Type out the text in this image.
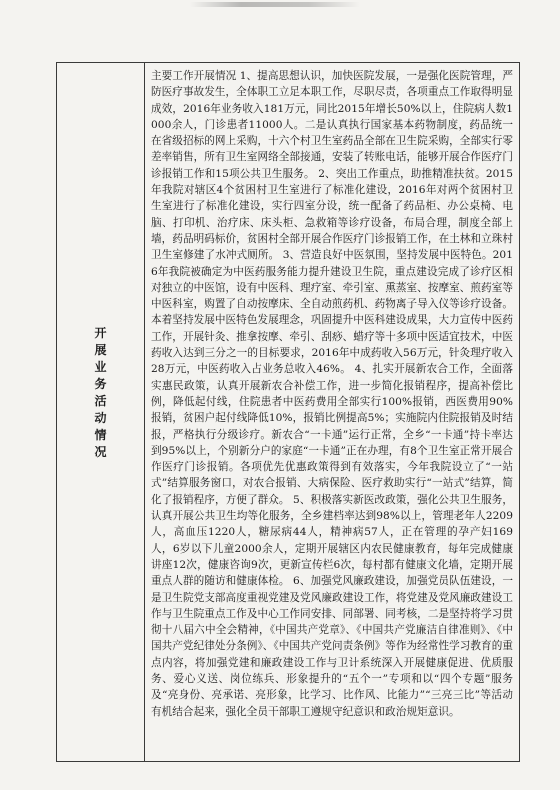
开展业务活动情况

主要工作开展情况 1、提高思想认识，加快医院发展，一是强化医院管理，严防医疗事故发生，全体职工立足本职工作，尽职尽责，各项重点工作取得明显成效，2016年业务收入181万元，同比2015年增长50%以上，住院病人数1000余人，门诊患者11000人。二是认真执行国家基本药物制度，药品统一在省级招标的网上采购，十六个村卫生室药品全部在卫生院采购，全部实行零差率销售，所有卫生室网络全部接通，安装了转账电话，能够开展合作医疗门诊报销工作和15项公共卫生服务。 2、突出工作重点，助推精准扶贫。2015年我院对辖区4个贫困村卫生室进行了标准化建设，2016年对两个贫困村卫生室进行了标准化建设，实行四室分设，统一配备了药品柜、办公桌椅、电脑、打印机、治疗床、床头柜、急救箱等诊疗设备，布局合理，制度全部上墙，药品明码标价，贫困村全部开展合作医疗门诊报销工作，在土林和立珠村卫生室修建了水冲式厕所。 3、营造良好中医氛围，坚持发展中医特色。2016年我院被确定为中医药服务能力提升建设卫生院，重点建设完成了诊疗区相对独立的中医馆，设有中医科、理疗室、牵引室、熏蒸室、按摩室、煎药室等中医科室，购置了自动按摩床、全自动煎药机、药物离子导入仪等诊疗设备。本着坚持发展中医特色发展理念，巩固提升中医科建设成果，大力宣传中医药工作，开展针灸、推拿按摩、牵引、刮痧、蜡疗等十多项中医适宜技术，中医药收入达到三分之一的目标要求，2016年中成药收入56万元，针灸理疗收入28万元，中医药收入占业务总收入46%。 4、扎实开展新农合工作，全面落实惠民政策，认真开展新农合补偿工作，进一步简化报销程序，提高补偿比例，降低起付线，住院患者中医药费用全部实行100%报销，西医费用90%报销，贫困户起付线降低10%，报销比例提高5%；实施院内住院报销及时结报，严格执行分级诊疗。新农合“一卡通”运行正常，全乡“一卡通”持卡率达到95%以上，个别新分户的家庭“一卡通”正在办理，有8个卫生室正常开展合作医疗门诊报销。各项优先优惠政策得到有效落实，今年我院设立了“一站式”结算服务窗口，对农合报销、大病保险、医疗救助实行“一站式”结算，简化了报销程序，方便了群众。 5、积极落实新医改政策，强化公共卫生服务，认真开展公共卫生均等化服务，全乡建档率达到98%以上，管理老年人2209人，高血压1220人，糖尿病44人，精神病57人，正在管理的孕产妇169人，6岁以下儿童2000余人，定期开展辖区内农民健康教育，每年完成健康讲座12次，健康咨询9次，更新宣传栏6次，每村都有健康文化墙，定期开展重点人群的随访和健康体检。 6、加强党风廉政建设，加强党员队伍建设，一是卫生院党支部高度重视党建及党风廉政建设工作，将党建及党风廉政建设工作与卫生院重点工作及中心工作同安排、同部署、同考核，二是坚持将学习贯彻十八届六中全会精神，《中国共产党章》、《中国共产党廉洁自律准则》、《中国共产党纪律处分条例》、《中国共产党问责条例》等作为经常性学习教育的重点内容，将加强党建和廉政建设工作与卫计系统深入开展健康促进、优质服务、爱心义送、岗位练兵、形象提升的“五个一”专项和以“四个专题”服务及“亮身份、亮承诺、亮形象，比学习、比作风、比能力”“三亮三比”等活动有机结合起来，强化全员干部职工遵规守纪意识和政治规矩意识。
